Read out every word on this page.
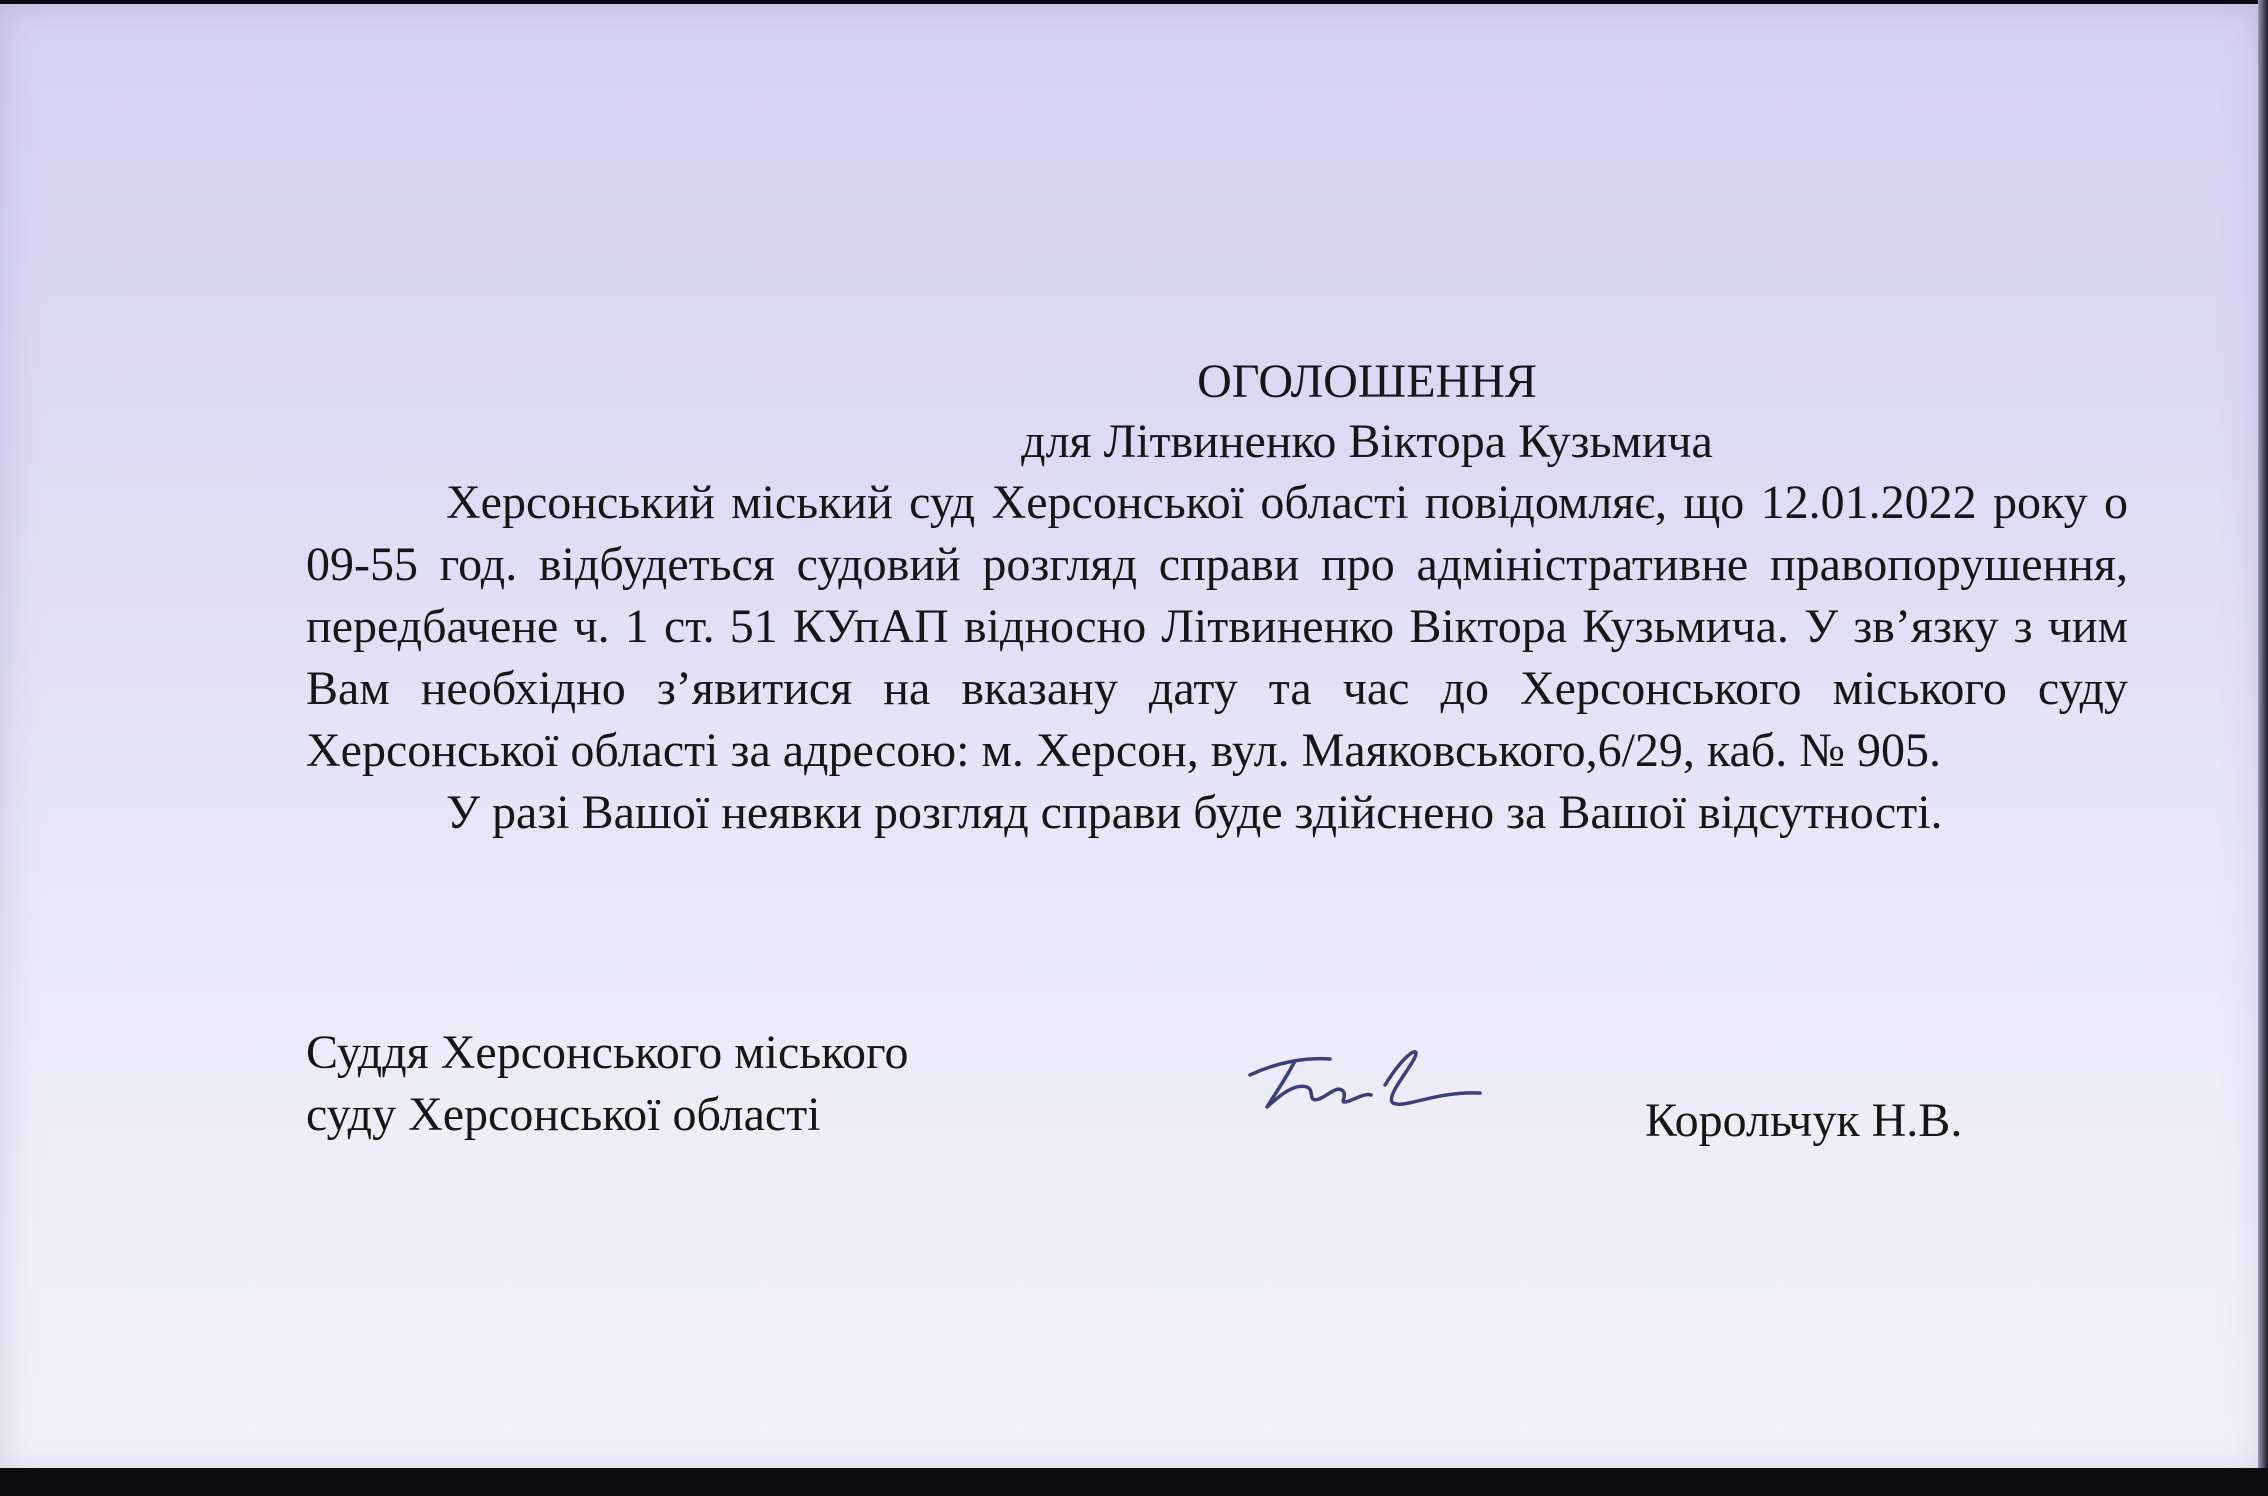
ОГОЛОШЕННЯ
для Літвиненко Віктора Кузьмича

Херсонський міський суд Херсонської області повідомляє, що 12.01.2022 року о 09-55 год. відбудеться судовий розгляд справи про адміністративне правопорушення, передбачене ч. 1 ст. 51 КУпАП відносно Літвиненко Віктора Кузьмича. У зв’язку з чим Вам необхідно з’явитися на вказану дату та час до Херсонського міського суду Херсонської області за адресою: м. Херсон, вул. Маяковського,6/29, каб. № 905.

У разі Вашої неявки розгляд справи буде здійснено за Вашої відсутності.

Суддя Херсонського міського
суду Херсонської області	Корольчук Н.В.
